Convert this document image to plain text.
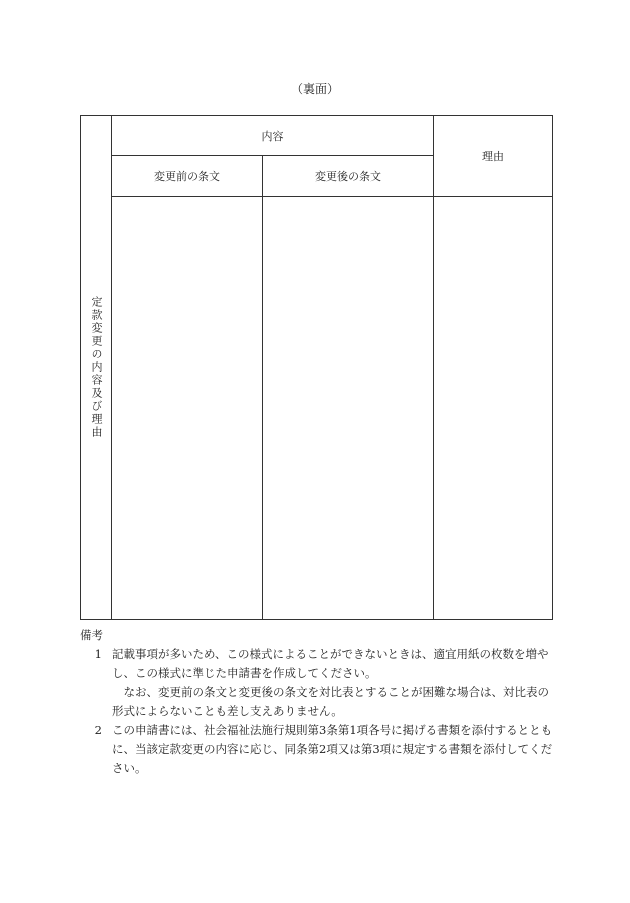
（裏面）
定款変更の内容及び理由	内容		理由
	変更前の条文	変更後の条文	

備考

1 記載事項が多いため、この様式によることができないときは、適宜用紙の枚数を増やし、この様式に準じた申請書を作成してください。

なお、変更前の条文と変更後の条文を対比表とすることが困難な場合は、対比表の形式によらないことも差し支えありません。

2 この申請書には、社会福祉法施行規則第3条第1項各号に掲げる書類を添付するとともに、当該定款変更の内容に応じ、同条第2項又は第3項に規定する書類を添付してください。
